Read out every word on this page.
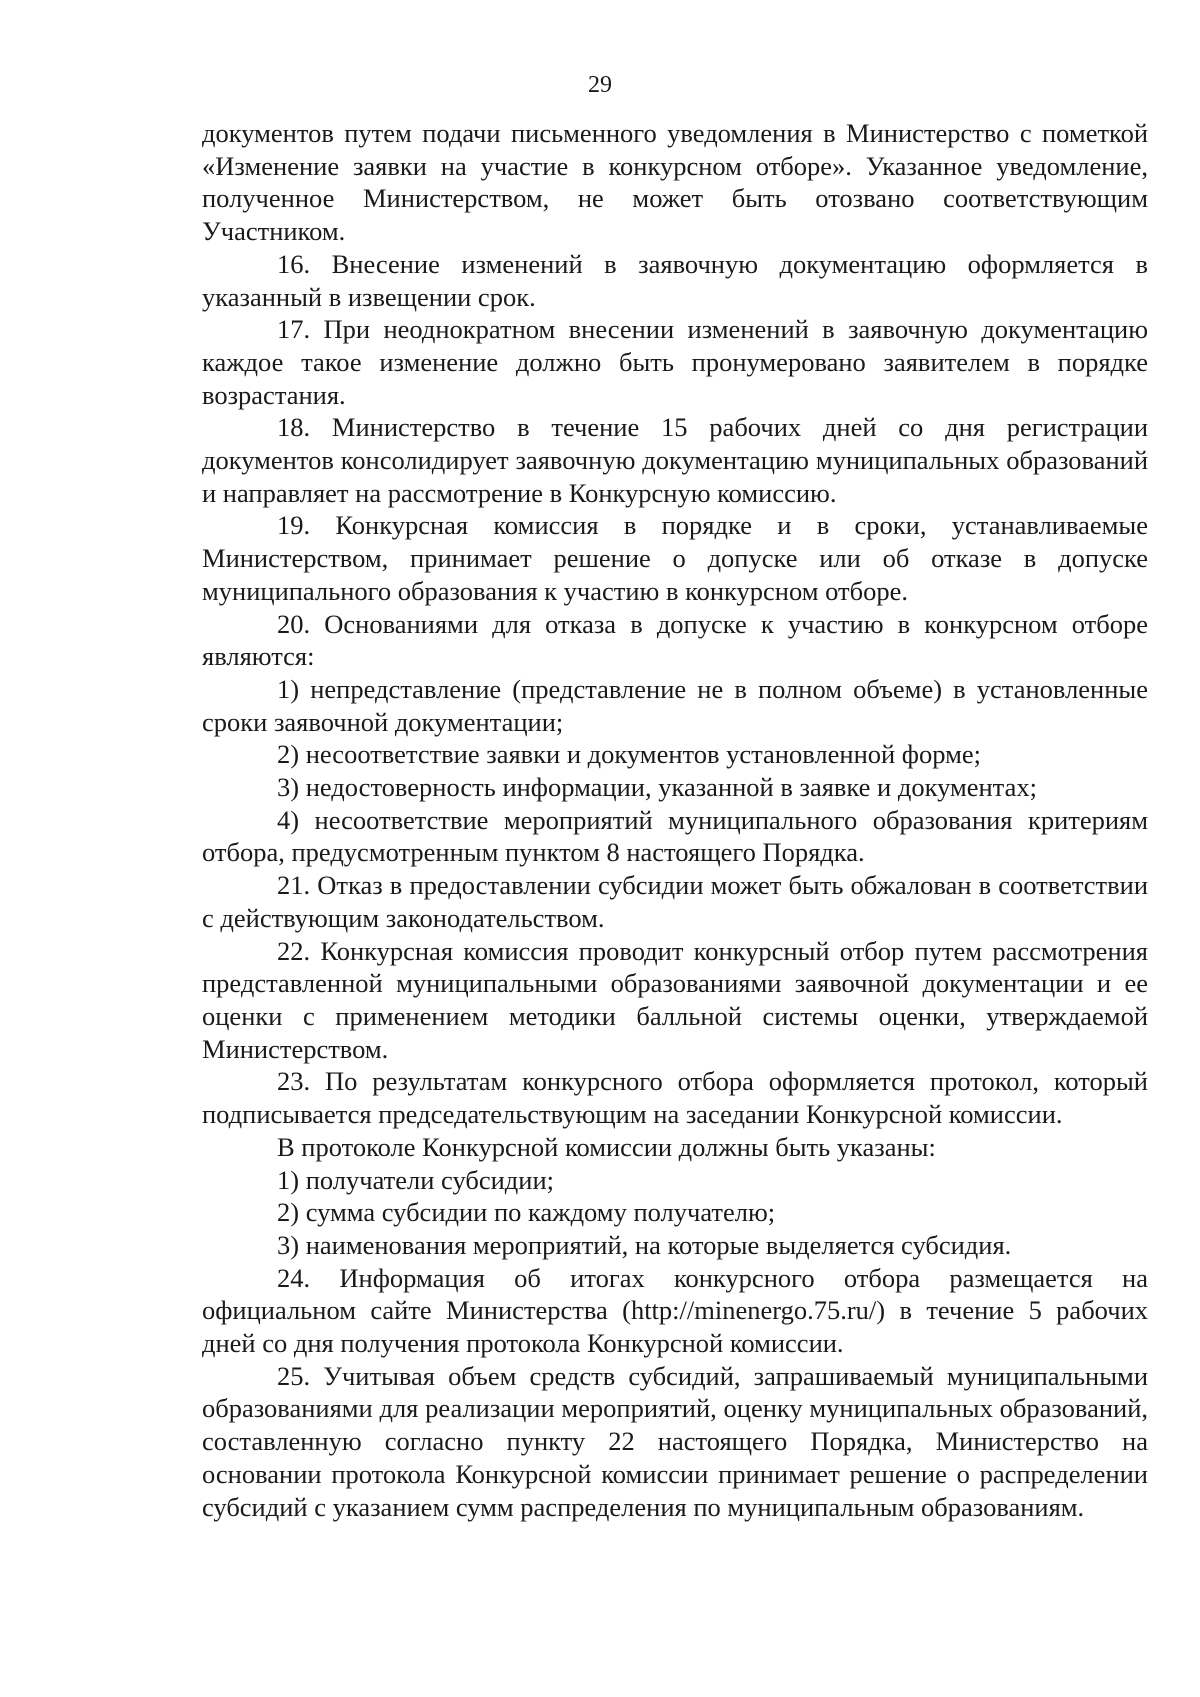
29

документов путем подачи письменного уведомления в Министерство с пометкой «Изменение заявки на участие в конкурсном отборе». Указанное уведомление, полученное Министерством, не может быть отозвано соответствующим Участником.

16. Внесение изменений в заявочную документацию оформляется в указанный в извещении срок.

17. При неоднократном внесении изменений в заявочную документацию каждое такое изменение должно быть пронумеровано заявителем в порядке возрастания.

18. Министерство в течение 15 рабочих дней со дня регистрации документов консолидирует заявочную документацию муниципальных образований и направляет на рассмотрение в Конкурсную комиссию.

19. Конкурсная комиссия в порядке и в сроки, устанавливаемые Министерством, принимает решение о допуске или об отказе в допуске муниципального образования к участию в конкурсном отборе.

20. Основаниями для отказа в допуске к участию в конкурсном отборе являются:

1) непредставление (представление не в полном объеме) в установленные сроки заявочной документации;

2) несоответствие заявки и документов установленной форме;

3) недостоверность информации, указанной в заявке и документах;

4) несоответствие мероприятий муниципального образования критериям отбора, предусмотренным пунктом 8 настоящего Порядка.

21. Отказ в предоставлении субсидии может быть обжалован в соответствии с действующим законодательством.

22. Конкурсная комиссия проводит конкурсный отбор путем рассмотрения представленной муниципальными образованиями заявочной документации и ее оценки с применением методики балльной системы оценки, утверждаемой Министерством.

23. По результатам конкурсного отбора оформляется протокол, который подписывается председательствующим на заседании Конкурсной комиссии.

В протоколе Конкурсной комиссии должны быть указаны:

1) получатели субсидии;

2) сумма субсидии по каждому получателю;

3) наименования мероприятий, на которые выделяется субсидия.

24. Информация об итогах конкурсного отбора размещается на официальном сайте Министерства (http://minenergo.75.ru/) в течение 5 рабочих дней со дня получения протокола Конкурсной комиссии.

25. Учитывая объем средств субсидий, запрашиваемый муниципальными образованиями для реализации мероприятий, оценку муниципальных образований, составленную согласно пункту 22 настоящего Порядка, Министерство на основании протокола Конкурсной комиссии принимает решение о распределении субсидий с указанием сумм распределения по муниципальным образованиям.
